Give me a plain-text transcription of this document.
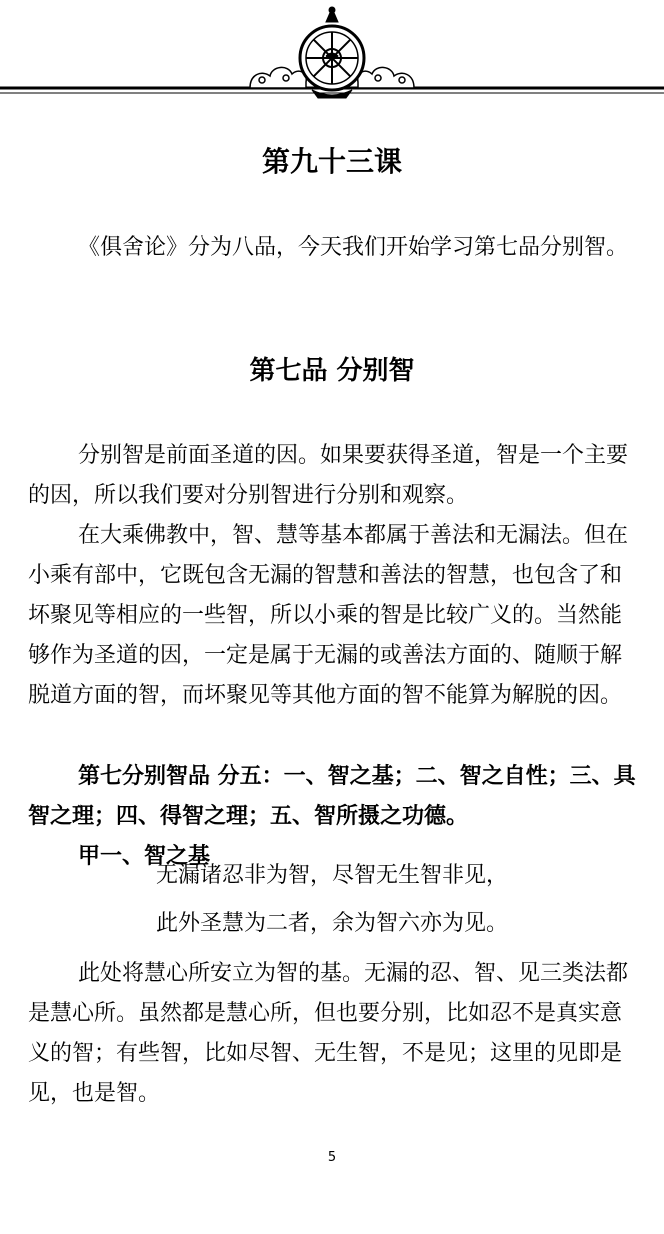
第九十三课

《俱舍论》分为八品，今天我们开始学习第七品分别智。

第七品 分别智

分别智是前面圣道的因。如果要获得圣道，智是一个主要的因，所以我们要对分别智进行分别和观察。

在大乘佛教中，智、慧等基本都属于善法和无漏法。但在小乘有部中，它既包含无漏的智慧和善法的智慧，也包含了和坏聚见等相应的一些智，所以小乘的智是比较广义的。当然能够作为圣道的因，一定是属于无漏的或善法方面的、随顺于解脱道方面的智，而坏聚见等其他方面的智不能算为解脱的因。

第七分别智品 分五：一、智之基；二、智之自性；三、具智之理；四、得智之理；五、智所摄之功德。

甲一、智之基

无漏诸忍非为智，尽智无生智非见，
此外圣慧为二者，余为智六亦为见。

此处将慧心所安立为智的基。无漏的忍、智、见三类法都是慧心所。虽然都是慧心所，但也要分别，比如忍不是真实意义的智；有些智，比如尽智、无生智，不是见；这里的见即是见，也是智。

5
